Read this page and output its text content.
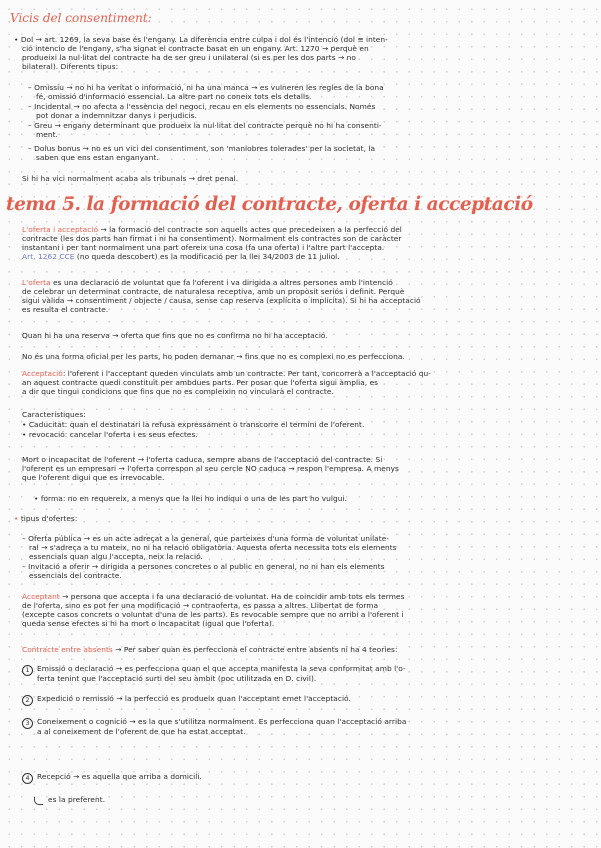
Vicis del consentiment:

• Dol → art. 1269, la seva base és l'engany. La diferència entre culpa i dol és l'intenció (dol ≡ inten-

ció intencio de l'engany, s'ha signat el contracte basat en un engany. Art. 1270 → perquè en

produeixi la nul·litat del contracte ha de ser greu i unilateral (si es per les dos parts → no

bilateral). Diferents tipus:

– Omissiu → no hi ha veritat o informació, ni ha una manca → es vulneren les regles de la bona

fé, omissió d'informació essencial. La altre part no coneix tots els detalls.

– Incidental → no afecta a l'essència del negoci, recau en els elements no essencials. Només

pot donar a indemnitzar danys i perjudicis.

– Greu → engany determinant que produeix la nul·litat del contracte perquè no hi ha consenti-

ment.

– Dolus bonus → no es un vici del consentiment, son 'maniobres tolerades' per la societat, la

saben que ens estan enganyant.

Si hi ha vici normalment acaba als tribunals → dret penal.

tema 5. la formació del contracte, oferta i acceptació

L'oferta i acceptació → la formació del contracte son aquells actes que precedeixen a la perfecció del

contracte (les dos parts han firmat i ni ha consentiment). Normalment els contractes son de caràcter

instantani i per tant normalment una part ofereix una cosa (fa una oferta) i l'altre part l'accepta.

Art. 1262 CCE (no queda descobert) es la modificació per la llei 34/2003 de 11 juliol.

L'oferta es una declaració de voluntat que fa l'oferent i va dirigida a altres persones amb l'intenció

de celebrar un determinat contracte, de naturalesa receptiva, amb un propòsit seriós i definit. Perquè

sigui vàlida → consentiment / objecte / causa, sense cap reserva (explícita o implícita). Si hi ha acceptació

es resulta el contracte.

Quan hi ha una reserva → oferta que fins que no es confirma no hi ha acceptació.

No és una forma oficial per les parts, ho poden demanar → fins que no es complexi no es perfecciona.

Acceptació: l'oferent i l'acceptant queden vinculats amb un contracte. Per tant, concorrerà a l'acceptació qu-

an aquest contracte quedi constituït per ambdues parts. Per posar que l'oferta sigui àmplia, es

a dir que tingui condicions que fins que no es compleixin no vincularà el contracte.

Característiques:

• Caducitat: quan el destinatari la refusa expressament o transcorre el termini de l'oferent.

• revocació: cancelar l'oferta i es seus efectes.

Mort o incapacitat de l'oferent → l'oferta caduca, sempre abans de l'acceptació del contracte. Si

l'oferent es un empresari → l'oferta correspon al seu cercle NO caduca → respon l'empresa. A menys

que l'oferent digui que es irrevocable.

• forma: no en requereix, a menys que la llei ho indiqui o una de les part ho vulgui.

• tipus d'ofertes:

– Oferta pública → es un acte adreçat a la general, que parteixes d'una forma de voluntat unilate-

ral → s'adreça a tu mateix, no ni ha relació obligatòria. Aquesta oferta necessita tots els elements

essencials quan algu l'accepta, neix la relació.

– Invitació a oferir → dirigida a persones concretes o al public en general, no ni han els elements

essencials del contracte.

Acceptant → persona que accepta i fa una declaració de voluntat. Ha de coincidir amb tots els termes

de l'oferta, sino es pot fer una modificació → contraoferta, es passa a altres. Llibertat de forma

(excepte casos concrets o voluntat d'una de les parts). Es revocable sempre que no arribi a l'oferent i

queda sense efectes si hi ha mort o incapacitat (igual que l'oferta).

Contracte entre absents → Per saber quan es perfecciona el contracte entre absents ni ha 4 teories:

1 Emissió o declaració → es perfecciona quan el que accepta manifesta la seva conformitat amb l'o-

ferta tenint que l'acceptació surti del seu àmbit (poc utilitzada en D. civil).

2 Expedició o remissió → la perfecció es produeix quan l'acceptant emet l'acceptació.

3 Coneixement o cognició → es la que s'utilitza normalment. Es perfecciona quan l'acceptació arriba

a al coneixement de l'oferent de que ha estat acceptat.

4 Recepció → es aquella que arriba a domicili.

es la preferent.
